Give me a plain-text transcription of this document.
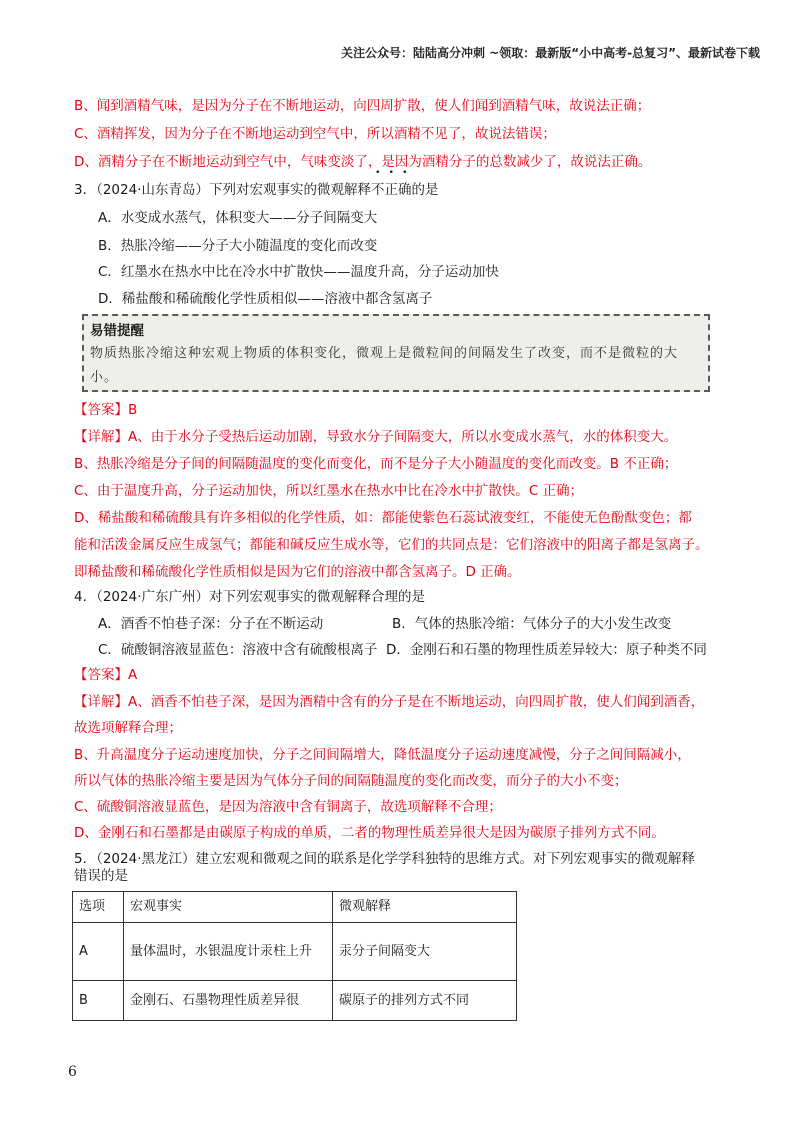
关注公众号：陆陆高分冲刺 ~领取：最新版“小中高考-总复习”、最新试卷下载
B、闻到酒精气味，是因为分子在不断地运动，向四周扩散，使人们闻到酒精气味，故说法正确；
C、酒精挥发，因为分子在不断地运动到空气中，所以酒精不见了，故说法错误；
D、酒精分子在不断地运动到空气中，气味变淡了，是因为酒精分子的总数减少了，故说法正确。
3．（2024·山东青岛）下列对宏观事实的微观解释不正确的是
A．水变成水蒸气，体积变大——分子间隔变大
B．热胀冷缩——分子大小随温度的变化而改变
C．红墨水在热水中比在冷水中扩散快——温度升高，分子运动加快
D．稀盐酸和稀硫酸化学性质相似——溶液中都含氢离子
易错提醒
物质热胀冷缩这种宏观上物质的体积变化，微观上是微粒间的间隔发生了改变，而不是微粒的大小。
【答案】B
【详解】A、由于水分子受热后运动加剧，导致水分子间隔变大，所以水变成水蒸气，水的体积变大。
B、热胀冷缩是分子间的间隔随温度的变化而变化，而不是分子大小随温度的变化而改变。B 不正确；
C、由于温度升高，分子运动加快，所以红墨水在热水中比在冷水中扩散快。C 正确；
D、稀盐酸和稀硫酸具有许多相似的化学性质，如：都能使紫色石蕊试液变红，不能使无色酚酞变色；都
能和活泼金属反应生成氢气；都能和碱反应生成水等，它们的共同点是：它们溶液中的阳离子都是氢离子。
即稀盐酸和稀硫酸化学性质相似是因为它们的溶液中都含氢离子。D 正确。
4．（2024·广东广州）对下列宏观事实的微观解释合理的是
A．酒香不怕巷子深：分子在不断运动	B．气体的热胀冷缩：气体分子的大小发生改变
C．硫酸铜溶液显蓝色：溶液中含有硫酸根离子 D．金刚石和石墨的物理性质差异较大：原子种类不同
【答案】A
【详解】A、酒香不怕巷子深，是因为酒精中含有的分子是在不断地运动，向四周扩散，使人们闻到酒香，
故选项解释合理；
B、升高温度分子运动速度加快，分子之间间隔增大，降低温度分子运动速度减慢，分子之间间隔减小，
所以气体的热胀冷缩主要是因为气体分子间的间隔随温度的变化而改变，而分子的大小不变；
C、硫酸铜溶液显蓝色，是因为溶液中含有铜离子，故选项解释不合理；
D、金刚石和石墨都是由碳原子构成的单质，二者的物理性质差异很大是因为碳原子排列方式不同。
5．（2024·黑龙江）建立宏观和微观之间的联系是化学学科独特的思维方式。对下列宏观事实的微观解释
错误的是
选项	宏观事实	微观解释
A	量体温时，水银温度计汞柱上升	汞分子间隔变大
B	金刚石、石墨物理性质差异很	碳原子的排列方式不同
6
